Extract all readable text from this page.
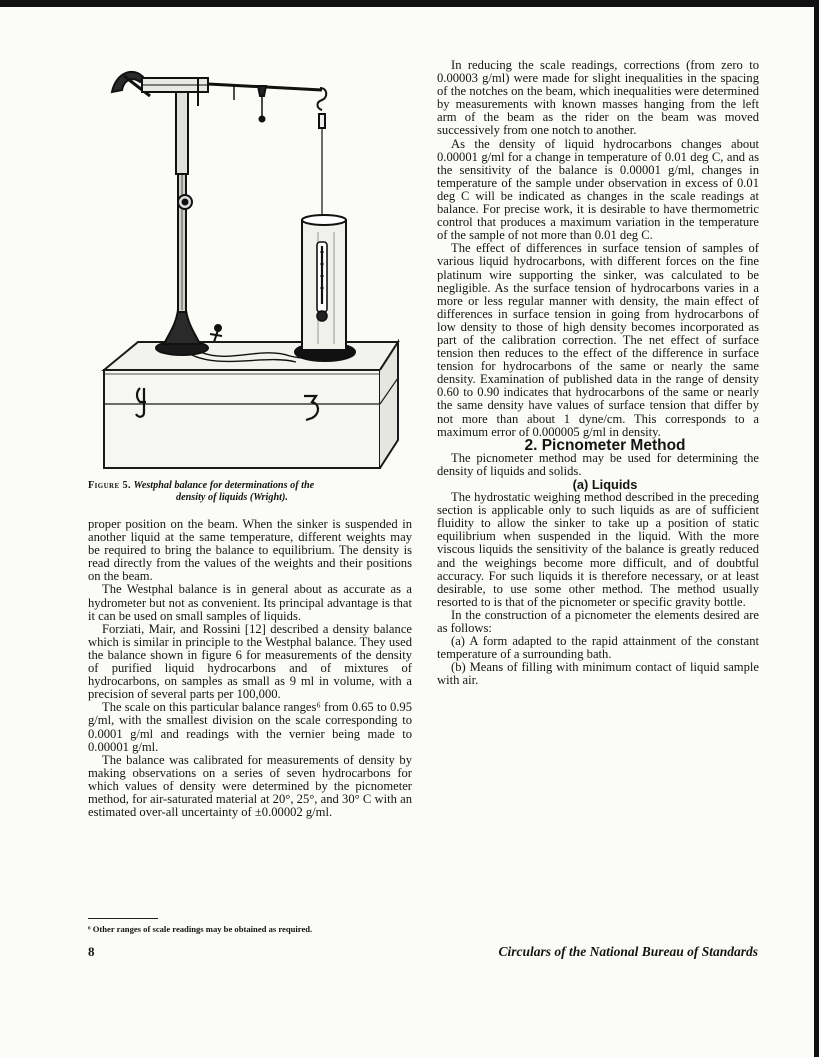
Figure 5. Westphal balance for determinations of the
density of liquids (Wright).

proper position on the beam. When the sinker is suspended in another liquid at the same temperature, different weights may be required to bring the balance to equilibrium. The density is read directly from the values of the weights and their positions on the beam.

The Westphal balance is in general about as accurate as a hydrometer but not as convenient. Its principal advantage is that it can be used on small samples of liquids.

Forziati, Mair, and Rossini [12] described a density balance which is similar in principle to the Westphal balance. They used the balance shown in figure 6 for measurements of the density of purified liquid hydrocarbons and of mixtures of hydrocarbons, on samples as small as 9 ml in volume, with a precision of several parts per 100,000.

The scale on this particular balance ranges⁶ from 0.65 to 0.95 g/ml, with the smallest division on the scale corresponding to 0.0001 g/ml and readings with the vernier being made to 0.00001 g/ml.

The balance was calibrated for measurements of density by making observations on a series of seven hydrocarbons for which values of density were determined by the picnometer method, for air-saturated material at 20°, 25°, and 30° C with an estimated over-all uncertainty of ±0.00002 g/ml.

⁶ Other ranges of scale readings may be obtained as required.

In reducing the scale readings, corrections (from zero to 0.00003 g/ml) were made for slight inequalities in the spacing of the notches on the beam, which inequalities were determined by measurements with known masses hanging from the left arm of the beam as the rider on the beam was moved successively from one notch to another.

As the density of liquid hydrocarbons changes about 0.00001 g/ml for a change in temperature of 0.01 deg C, and as the sensitivity of the balance is 0.00001 g/ml, changes in temperature of the sample under observation in excess of 0.01 deg C will be indicated as changes in the scale readings at balance. For precise work, it is desirable to have thermometric control that produces a maximum variation in the temperature of the sample of not more than 0.01 deg C.

The effect of differences in surface tension of samples of various liquid hydrocarbons, with different forces on the fine platinum wire supporting the sinker, was calculated to be negligible. As the surface tension of hydrocarbons varies in a more or less regular manner with density, the main effect of differences in surface tension in going from hydrocarbons of low density to those of high density becomes incorporated as part of the calibration correction. The net effect of surface tension then reduces to the effect of the difference in surface tension for hydrocarbons of the same or nearly the same density. Examination of published data in the range of density 0.60 to 0.90 indicates that hydrocarbons of the same or nearly the same density have values of surface tension that differ by not more than about 1 dyne/cm. This corresponds to a maximum error of 0.000005 g/ml in density.

2. Picnometer Method

The picnometer method may be used for determining the density of liquids and solids.

(a) Liquids

The hydrostatic weighing method described in the preceding section is applicable only to such liquids as are of sufficient fluidity to allow the sinker to take up a position of static equilibrium when suspended in the liquid. With the more viscous liquids the sensitivity of the balance is greatly reduced and the weighings become more difficult, and of doubtful accuracy. For such liquids it is therefore necessary, or at least desirable, to use some other method. The method usually resorted to is that of the picnometer or specific gravity bottle.

In the construction of a picnometer the elements desired are as follows:

(a) A form adapted to the rapid attainment of the constant temperature of a surrounding bath.

(b) Means of filling with minimum contact of liquid sample with air.

8	Circulars of the National Bureau of Standards
